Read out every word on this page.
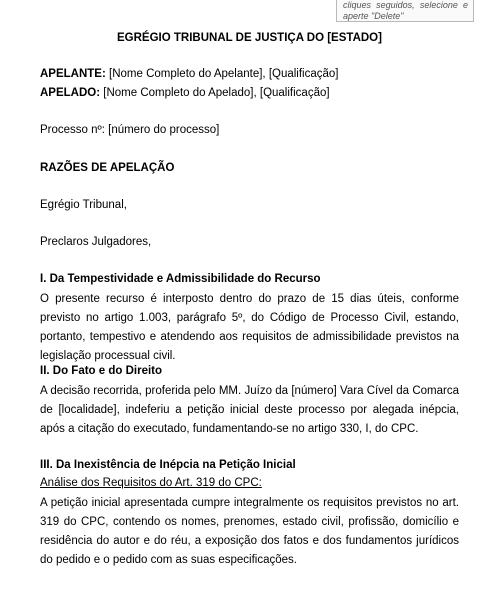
cliques seguidos, selecione e aperte "Delete"
EGRÉGIO TRIBUNAL DE JUSTIÇA DO [ESTADO]
APELANTE: [Nome Completo do Apelante], [Qualificação]
APELADO: [Nome Completo do Apelado], [Qualificação]
Processo nº: [número do processo]
RAZÕES DE APELAÇÃO
Egrégio Tribunal,
Preclaros Julgadores,
I. Da Tempestividade e Admissibilidade do Recurso
O presente recurso é interposto dentro do prazo de 15 dias úteis, conforme previsto no artigo 1.003, parágrafo 5º, do Código de Processo Civil, estando, portanto, tempestivo e atendendo aos requisitos de admissibilidade previstos na legislação processual civil.
II. Do Fato e do Direito
A decisão recorrida, proferida pelo MM. Juízo da [número] Vara Cível da Comarca de [localidade], indeferiu a petição inicial deste processo por alegada inépcia, após a citação do executado, fundamentando-se no artigo 330, I, do CPC.
III. Da Inexistência de Inépcia na Petição Inicial
Análise dos Requisitos do Art. 319 do CPC:
A petição inicial apresentada cumpre integralmente os requisitos previstos no art. 319 do CPC, contendo os nomes, prenomes, estado civil, profissão, domicílio e residência do autor e do réu, a exposição dos fatos e dos fundamentos jurídicos do pedido e o pedido com as suas especificações.
